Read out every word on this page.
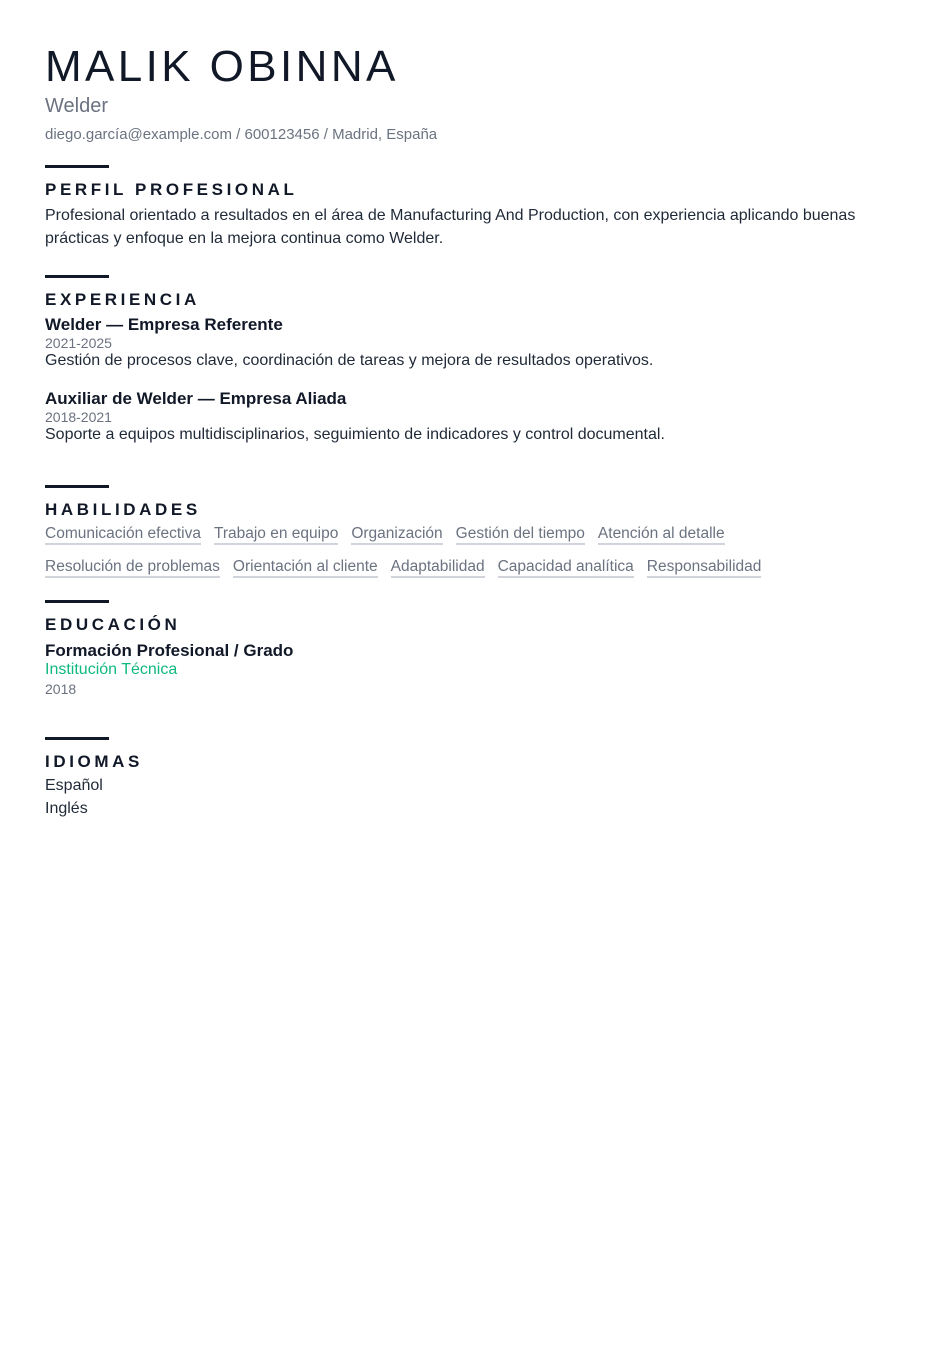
MALIK OBINNA
Welder
diego.garcía@example.com / 600123456 / Madrid, España
PERFIL PROFESIONAL
Profesional orientado a resultados en el área de Manufacturing And Production, con experiencia aplicando buenas prácticas y enfoque en la mejora continua como Welder.
EXPERIENCIA
Welder — Empresa Referente
2021-2025
Gestión de procesos clave, coordinación de tareas y mejora de resultados operativos.
Auxiliar de Welder — Empresa Aliada
2018-2021
Soporte a equipos multidisciplinarios, seguimiento de indicadores y control documental.
HABILIDADES
Comunicación efectiva Trabajo en equipo Organización Gestión del tiempo Atención al detalle
Resolución de problemas Orientación al cliente Adaptabilidad Capacidad analítica Responsabilidad
EDUCACIÓN
Formación Profesional / Grado
Institución Técnica
2018
IDIOMAS
Español
Inglés
